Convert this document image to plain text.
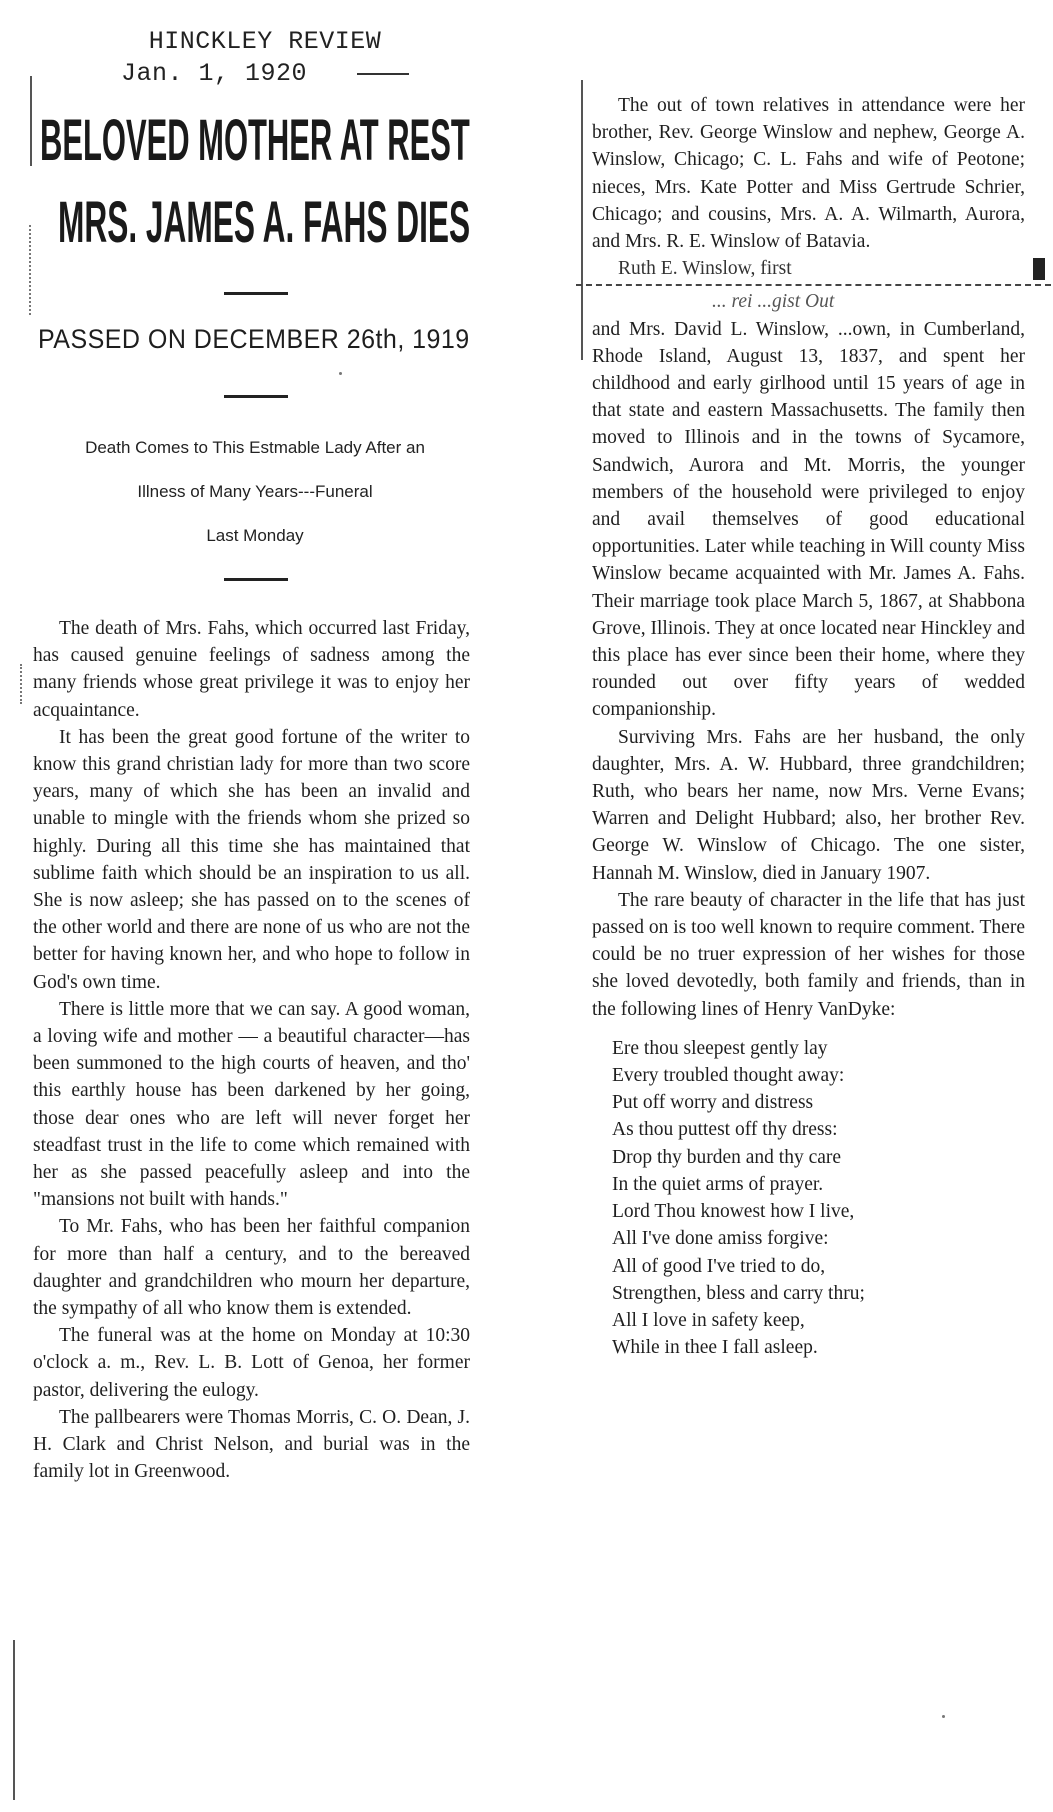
HINCKLEY REVIEW
Jan. 1, 1920
BELOVED MOTHER AT REST
MRS. JAMES A. FAHS DIES
PASSED ON DECEMBER 26th, 1919
Death Comes to This Estmable Lady After an
Illness of Many Years---Funeral
Last Monday

The death of Mrs. Fahs, which occurred last Friday, has caused genuine feelings of sadness among the many friends whose great privilege it was to enjoy her acquaintance.

It has been the great good fortune of the writer to know this grand christian lady for more than two score years, many of which she has been an invalid and unable to mingle with the friends whom she prized so highly. During all this time she has maintained that sublime faith which should be an inspiration to us all. She is now asleep; she has passed on to the scenes of the other world and there are none of us who are not the better for having known her, and who hope to follow in God's own time.

There is little more that we can say. A good woman, a loving wife and mother — a beautiful character—has been summoned to the high courts of heaven, and tho' this earthly house has been darkened by her going, those dear ones who are left will never forget her steadfast trust in the life to come which remained with her as she passed peacefully asleep and into the "mansions not built with hands."

To Mr. Fahs, who has been her faithful companion for more than half a century, and to the bereaved daughter and grandchildren who mourn her departure, the sympathy of all who know them is extended.

The funeral was at the home on Monday at 10:30 o'clock a. m., Rev. L. B. Lott of Genoa, her former pastor, delivering the eulogy.

The pallbearers were Thomas Morris, C. O. Dean, J. H. Clark and Christ Nelson, and burial was in the family lot in Greenwood.

The out of town relatives in attendance were her brother, Rev. George Winslow and nephew, George A. Winslow, Chicago; C. L. Fahs and wife of Peotone; nieces, Mrs. Kate Potter and Miss Gertrude Schrier, Chicago; and cousins, Mrs. A. A. Wilmarth, Aurora, and Mrs. R. E. Winslow of Batavia.

Ruth E. Winslow, first
... rei ...gist Out

and Mrs. David L. Winslow, ...own, in Cumberland, Rhode Island, August 13, 1837, and spent her childhood and early girlhood until 15 years of age in that state and eastern Massachusetts. The family then moved to Illinois and in the towns of Sycamore, Sandwich, Aurora and Mt. Morris, the younger members of the household were privileged to enjoy and avail themselves of good educational opportunities. Later while teaching in Will county Miss Winslow became acquainted with Mr. James A. Fahs. Their marriage took place March 5, 1867, at Shabbona Grove, Illinois. They at once located near Hinckley and this place has ever since been their home, where they rounded out over fifty years of wedded companionship.

Surviving Mrs. Fahs are her husband, the only daughter, Mrs. A. W. Hubbard, three grandchildren; Ruth, who bears her name, now Mrs. Verne Evans; Warren and Delight Hubbard; also, her brother Rev. George W. Winslow of Chicago. The one sister, Hannah M. Winslow, died in January 1907.

The rare beauty of character in the life that has just passed on is too well known to require comment. There could be no truer expression of her wishes for those she loved devotedly, both family and friends, than in the following lines of Henry VanDyke:

Ere thou sleepest gently lay
Every troubled thought away:
Put off worry and distress
As thou puttest off thy dress:
Drop thy burden and thy care
In the quiet arms of prayer.
Lord Thou knowest how I live,
All I've done amiss forgive:
All of good I've tried to do,
Strengthen, bless and carry thru;
All I love in safety keep,
While in thee I fall asleep.
